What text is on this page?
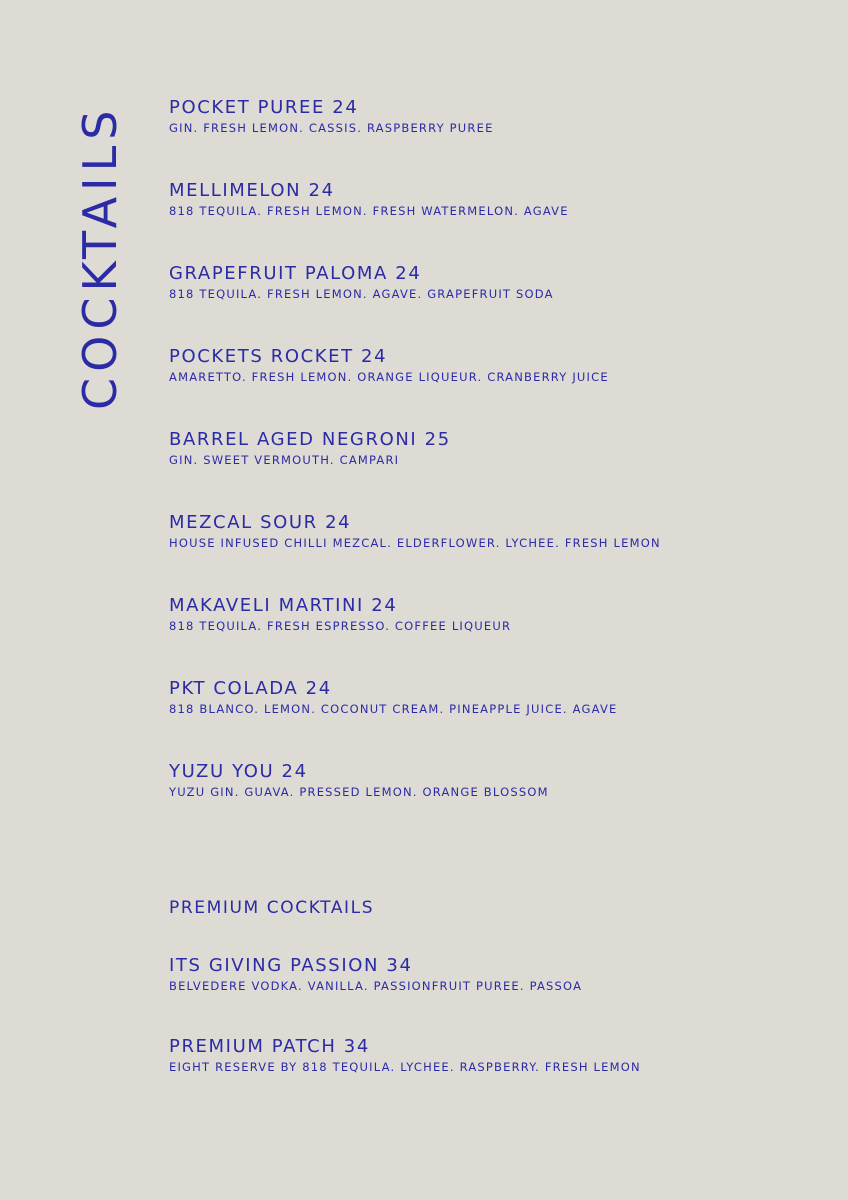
COCKTAILS POCKET PUREE 24
GIN. FRESH LEMON. CASSIS. RASPBERRY PUREE
MELLIMELON 24
818 TEQUILA. FRESH LEMON. FRESH WATERMELON. AGAVE
GRAPEFRUIT PALOMA 24
818 TEQUILA. FRESH LEMON. AGAVE. GRAPEFRUIT SODA
POCKETS ROCKET 24
AMARETTO. FRESH LEMON. ORANGE LIQUEUR. CRANBERRY JUICE
BARREL AGED NEGRONI 25
GIN. SWEET VERMOUTH. CAMPARI
MEZCAL SOUR 24
HOUSE INFUSED CHILLI MEZCAL. ELDERFLOWER. LYCHEE. FRESH LEMON
MAKAVELI MARTINI 24
818 TEQUILA. FRESH ESPRESSO. COFFEE LIQUEUR
PKT COLADA 24
818 BLANCO. LEMON. COCONUT CREAM. PINEAPPLE JUICE. AGAVE
YUZU YOU 24
YUZU GIN. GUAVA. PRESSED LEMON. ORANGE BLOSSOM
PREMIUM COCKTAILS
ITS GIVING PASSION 34
BELVEDERE VODKA. VANILLA. PASSIONFRUIT PUREE. PASSOA
PREMIUM PATCH 34
EIGHT RESERVE BY 818 TEQUILA. LYCHEE. RASPBERRY. FRESH LEMON
